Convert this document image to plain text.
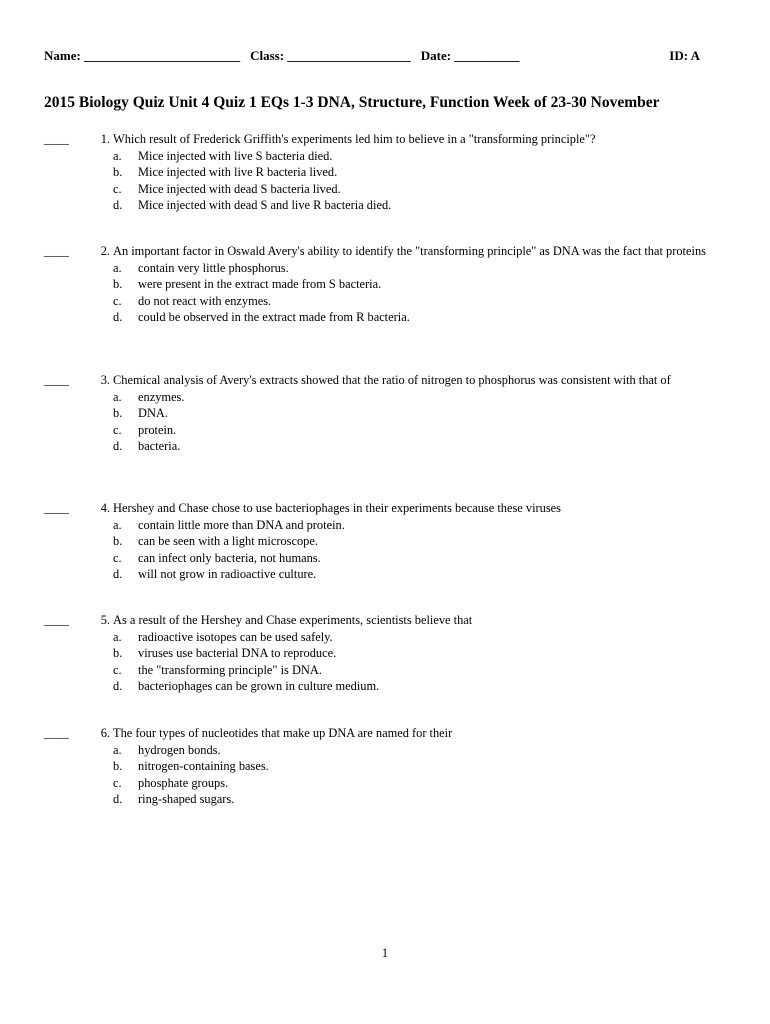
Name: ________________________ Class: ___________________ Date: __________	ID: A
2015 Biology Quiz Unit 4 Quiz 1 EQs 1-3 DNA, Structure, Function Week of 23-30 November
____	1. Which result of Frederick Griffith's experiments led him to believe in a "transforming principle"?
a. Mice injected with live S bacteria died.
b. Mice injected with live R bacteria lived.
c. Mice injected with dead S bacteria lived.
d. Mice injected with dead S and live R bacteria died.
____	2. An important factor in Oswald Avery's ability to identify the "transforming principle" as DNA was the fact that proteins
a. contain very little phosphorus.
b. were present in the extract made from S bacteria.
c. do not react with enzymes.
d. could be observed in the extract made from R bacteria.
____	3. Chemical analysis of Avery's extracts showed that the ratio of nitrogen to phosphorus was consistent with that of
a. enzymes.
b. DNA.
c. protein.
d. bacteria.
____	4. Hershey and Chase chose to use bacteriophages in their experiments because these viruses
a. contain little more than DNA and protein.
b. can be seen with a light microscope.
c. can infect only bacteria, not humans.
d. will not grow in radioactive culture.
____	5. As a result of the Hershey and Chase experiments, scientists believe that
a. radioactive isotopes can be used safely.
b. viruses use bacterial DNA to reproduce.
c. the "transforming principle" is DNA.
d. bacteriophages can be grown in culture medium.
____	6. The four types of nucleotides that make up DNA are named for their
a. hydrogen bonds.
b. nitrogen-containing bases.
c. phosphate groups.
d. ring-shaped sugars.
1
